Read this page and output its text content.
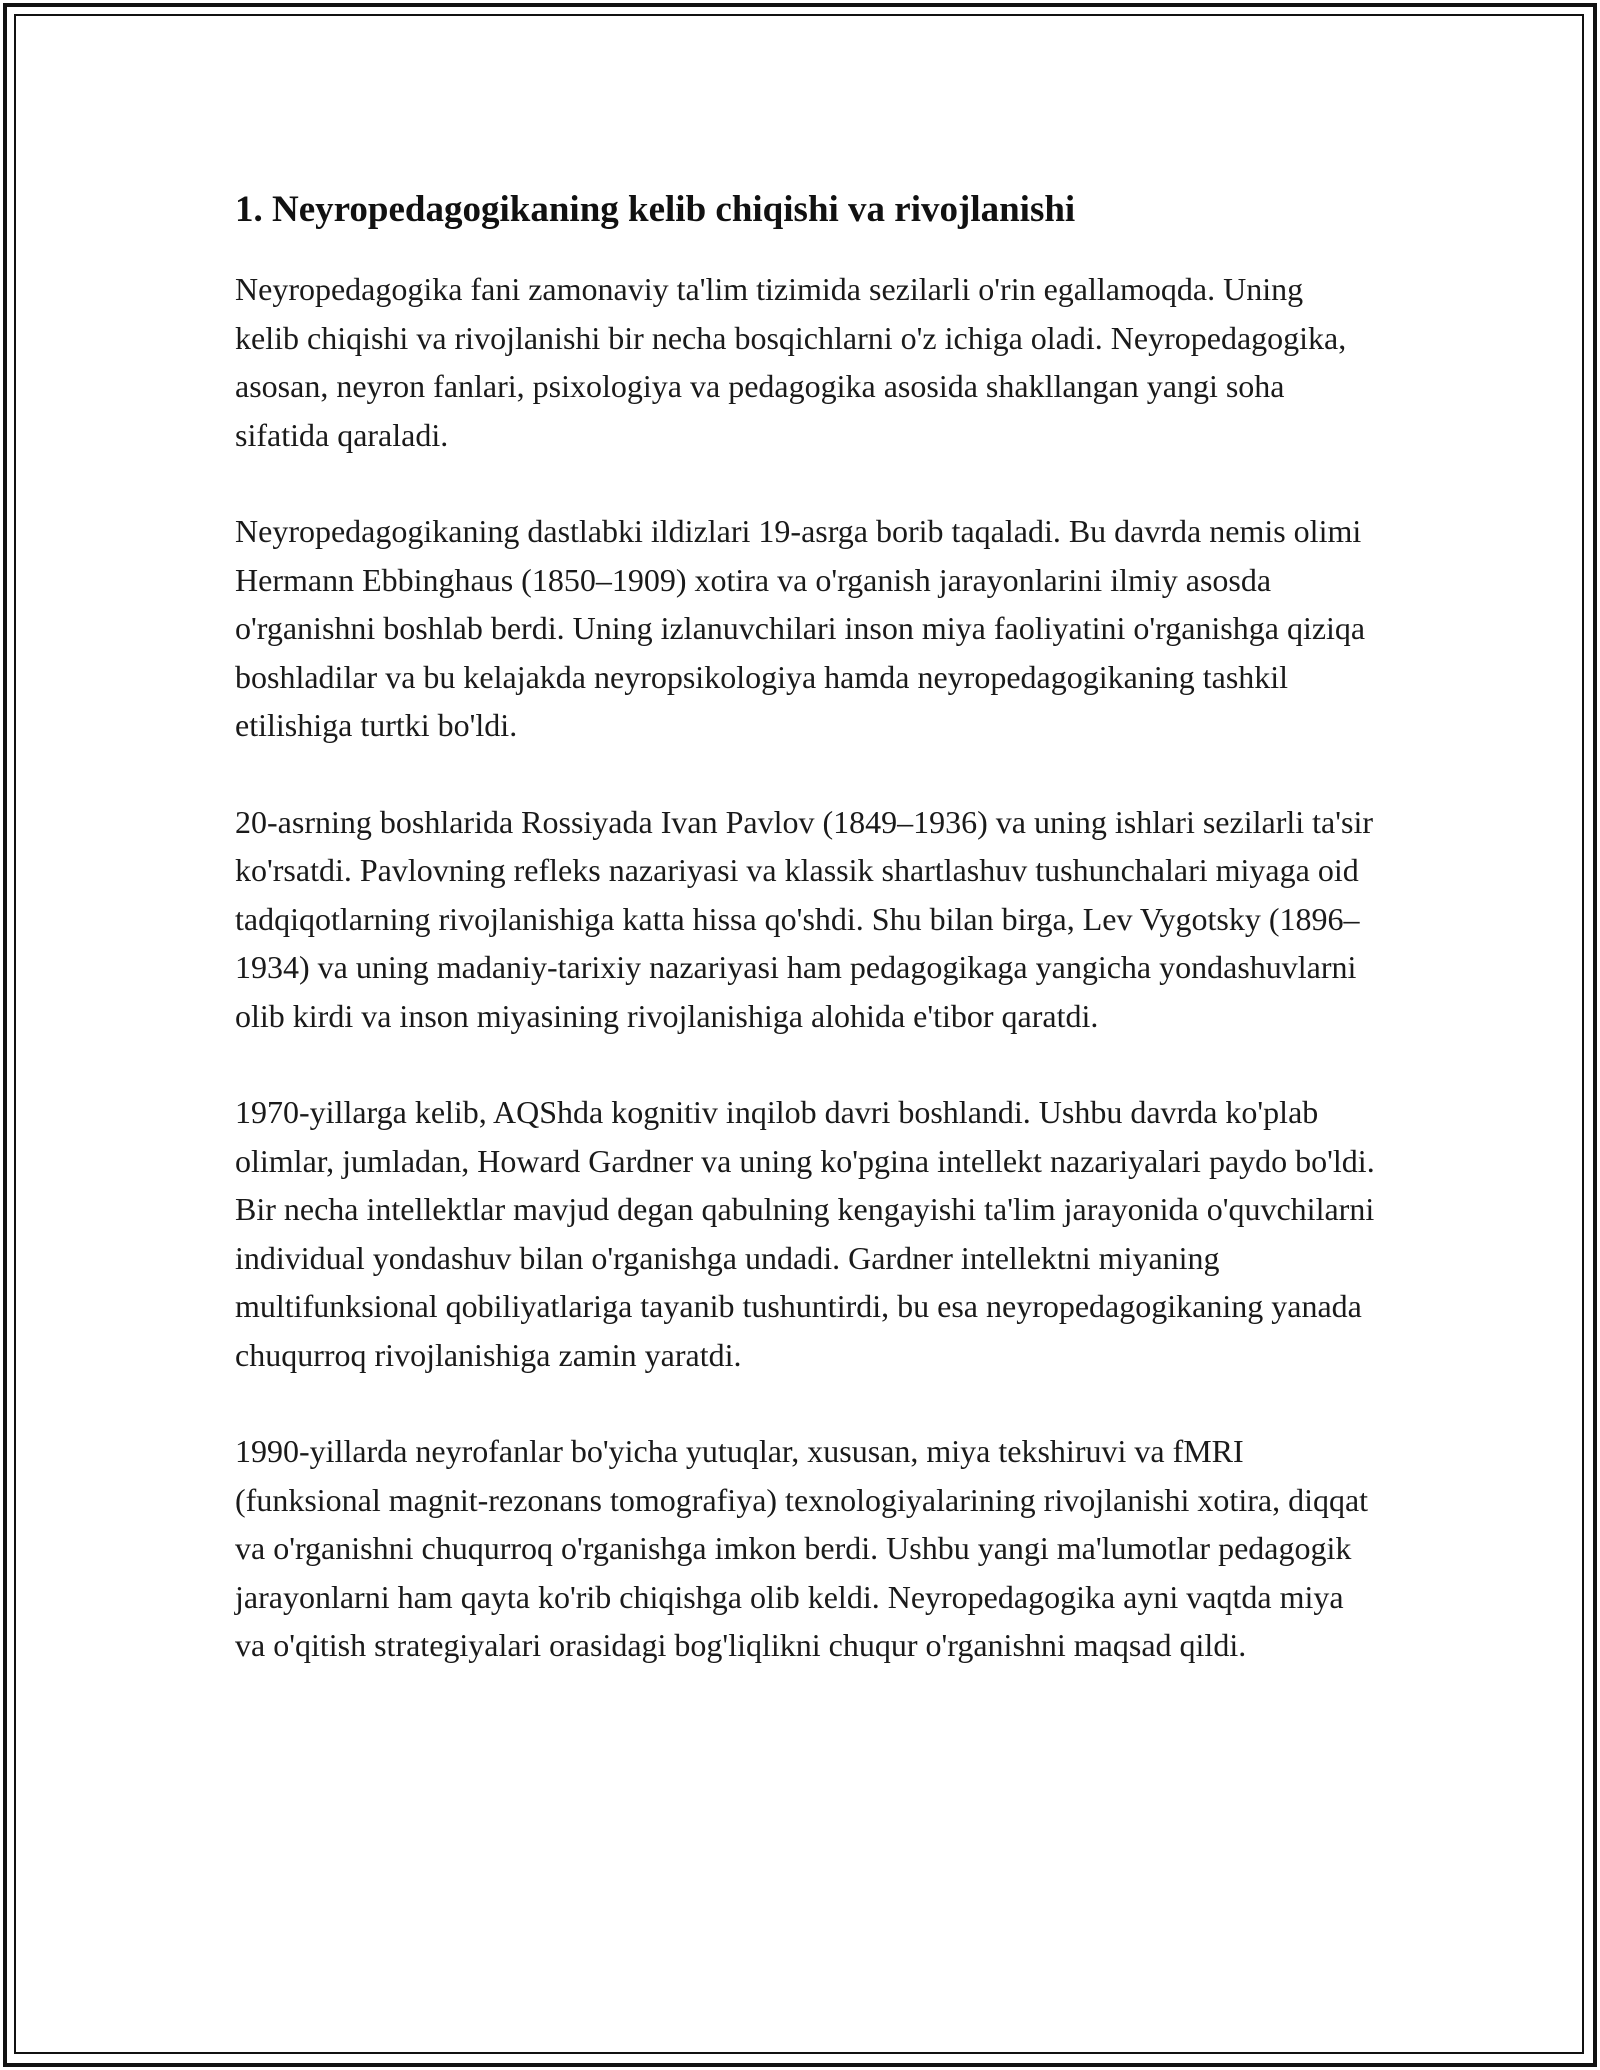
1. Neyropedagogikaning kelib chiqishi va rivojlanishi

Neyropedagogika fani zamonaviy ta'lim tizimida sezilarli o'rin egallamoqda. Uning kelib chiqishi va rivojlanishi bir necha bosqichlarni o'z ichiga oladi. Neyropedagogika, asosan, neyron fanlari, psixologiya va pedagogika asosida shakllangan yangi soha sifatida qaraladi.

Neyropedagogikaning dastlabki ildizlari 19-asrga borib taqaladi. Bu davrda nemis olimi Hermann Ebbinghaus (1850–1909) xotira va o'rganish jarayonlarini ilmiy asosda o'rganishni boshlab berdi. Uning izlanuvchilari inson miya faoliyatini o'rganishga qiziqa boshladilar va bu kelajakda neyropsikologiya hamda neyropedagogikaning tashkil etilishiga turtki bo'ldi.

20-asrning boshlarida Rossiyada Ivan Pavlov (1849–1936) va uning ishlari sezilarli ta'sir ko'rsatdi. Pavlovning refleks nazariyasi va klassik shartlashuv tushunchalari miyaga oid tadqiqotlarning rivojlanishiga katta hissa qo'shdi. Shu bilan birga, Lev Vygotsky (1896–1934) va uning madaniy-tarixiy nazariyasi ham pedagogikaga yangicha yondashuvlarni olib kirdi va inson miyasining rivojlanishiga alohida e'tibor qaratdi.

1970-yillarga kelib, AQShda kognitiv inqilob davri boshlandi. Ushbu davrda ko'plab olimlar, jumladan, Howard Gardner va uning ko'pgina intellekt nazariyalari paydo bo'ldi. Bir necha intellektlar mavjud degan qabulning kengayishi ta'lim jarayonida o'quvchilarni individual yondashuv bilan o'rganishga undadi. Gardner intellektni miyaning multifunksional qobiliyatlariga tayanib tushuntirdi, bu esa neyropedagogikaning yanada chuqurroq rivojlanishiga zamin yaratdi.

1990-yillarda neyrofanlar bo'yicha yutuqlar, xususan, miya tekshiruvi va fMRI (funksional magnit-rezonans tomografiya) texnologiyalarining rivojlanishi xotira, diqqat va o'rganishni chuqurroq o'rganishga imkon berdi. Ushbu yangi ma'lumotlar pedagogik jarayonlarni ham qayta ko'rib chiqishga olib keldi. Neyropedagogika ayni vaqtda miya va o'qitish strategiyalari orasidagi bog'liqlikni chuqur o'rganishni maqsad qildi.
